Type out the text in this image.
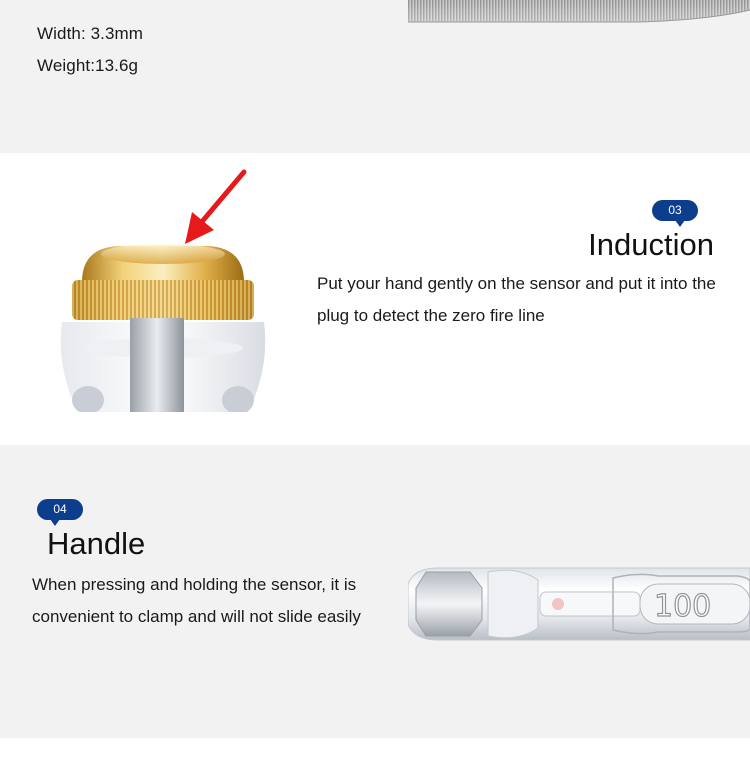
Width: 3.3mm
Weight:13.6g
03
Induction
Put your hand gently on the sensor and put it into the plug to detect the zero fire line
04
Handle
When pressing and holding the sensor, it is convenient to clamp and will not slide easily	100
